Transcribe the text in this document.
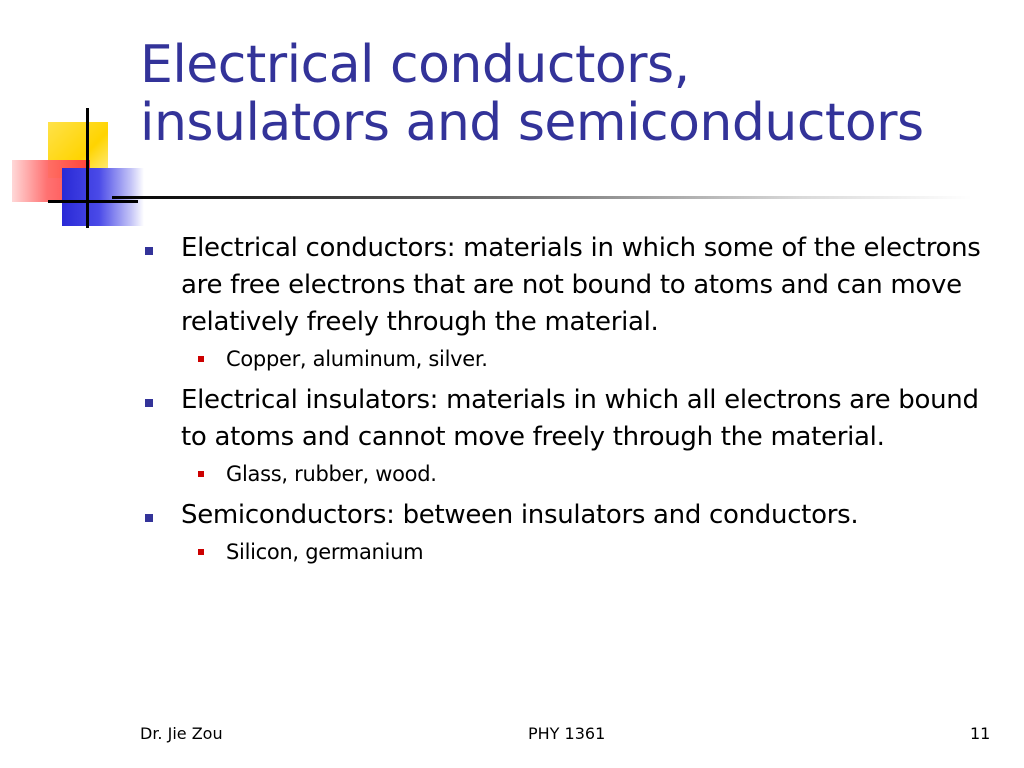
Electrical conductors,
insulators and semiconductors
Electrical conductors: materials in which some of the electrons are free electrons that are not bound to atoms and can move relatively freely through the material.
Copper, aluminum, silver.
Electrical insulators: materials in which all electrons are bound to atoms and cannot move freely through the material.
Glass, rubber, wood.
Semiconductors: between insulators and conductors.
Silicon, germanium
Dr. Jie Zou	PHY 1361	11
